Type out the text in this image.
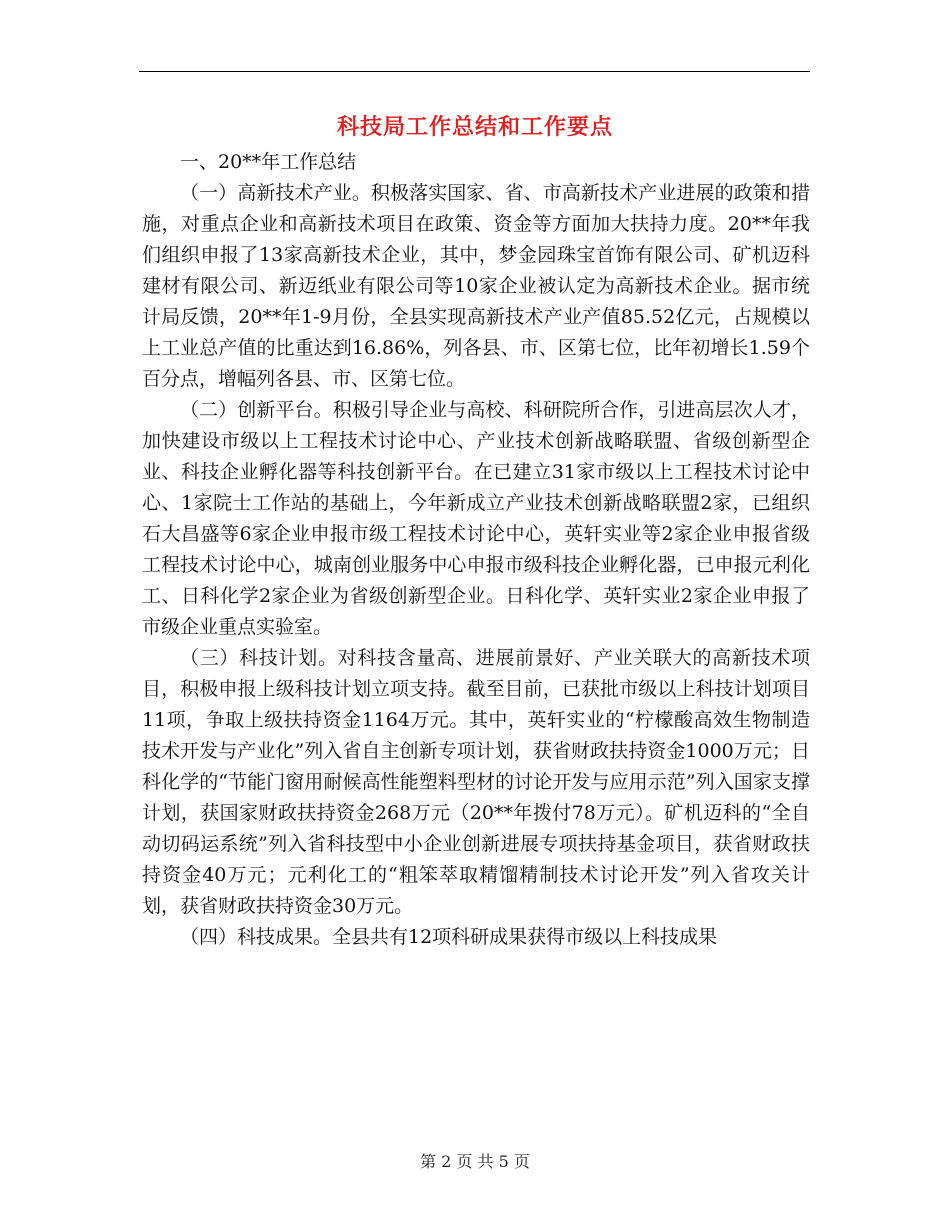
科技局工作总结和工作要点

一、20**年工作总结

（一）高新技术产业。积极落实国家、省、市高新技术产业进展的政策和措施，对重点企业和高新技术项目在政策、资金等方面加大扶持力度。20**年我们组织申报了13家高新技术企业，其中，梦金园珠宝首饰有限公司、矿机迈科建材有限公司、新迈纸业有限公司等10家企业被认定为高新技术企业。据市统计局反馈，20**年1-9月份，全县实现高新技术产业产值85.52亿元，占规模以上工业总产值的比重达到16.86%，列各县、市、区第七位，比年初增长1.59个百分点，增幅列各县、市、区第七位。

（二）创新平台。积极引导企业与高校、科研院所合作，引进高层次人才，加快建设市级以上工程技术讨论中心、产业技术创新战略联盟、省级创新型企业、科技企业孵化器等科技创新平台。在已建立31家市级以上工程技术讨论中心、1家院士工作站的基础上，今年新成立产业技术创新战略联盟2家，已组织石大昌盛等6家企业申报市级工程技术讨论中心，英轩实业等2家企业申报省级工程技术讨论中心，城南创业服务中心申报市级科技企业孵化器，已申报元利化工、日科化学2家企业为省级创新型企业。日科化学、英轩实业2家企业申报了市级企业重点实验室。

（三）科技计划。对科技含量高、进展前景好、产业关联大的高新技术项目，积极申报上级科技计划立项支持。截至目前，已获批市级以上科技计划项目11项，争取上级扶持资金1164万元。其中，英轩实业的“柠檬酸高效生物制造技术开发与产业化”列入省自主创新专项计划，获省财政扶持资金1000万元；日科化学的“节能门窗用耐候高性能塑料型材的讨论开发与应用示范”列入国家支撑计划，获国家财政扶持资金268万元（20**年拨付78万元）。矿机迈科的“全自动切码运系统”列入省科技型中小企业创新进展专项扶持基金项目，获省财政扶持资金40万元；元利化工的“粗笨萃取精馏精制技术讨论开发”列入省攻关计划，获省财政扶持资金30万元。

（四）科技成果。全县共有12项科研成果获得市级以上科技成果

第 2 页 共 5 页
